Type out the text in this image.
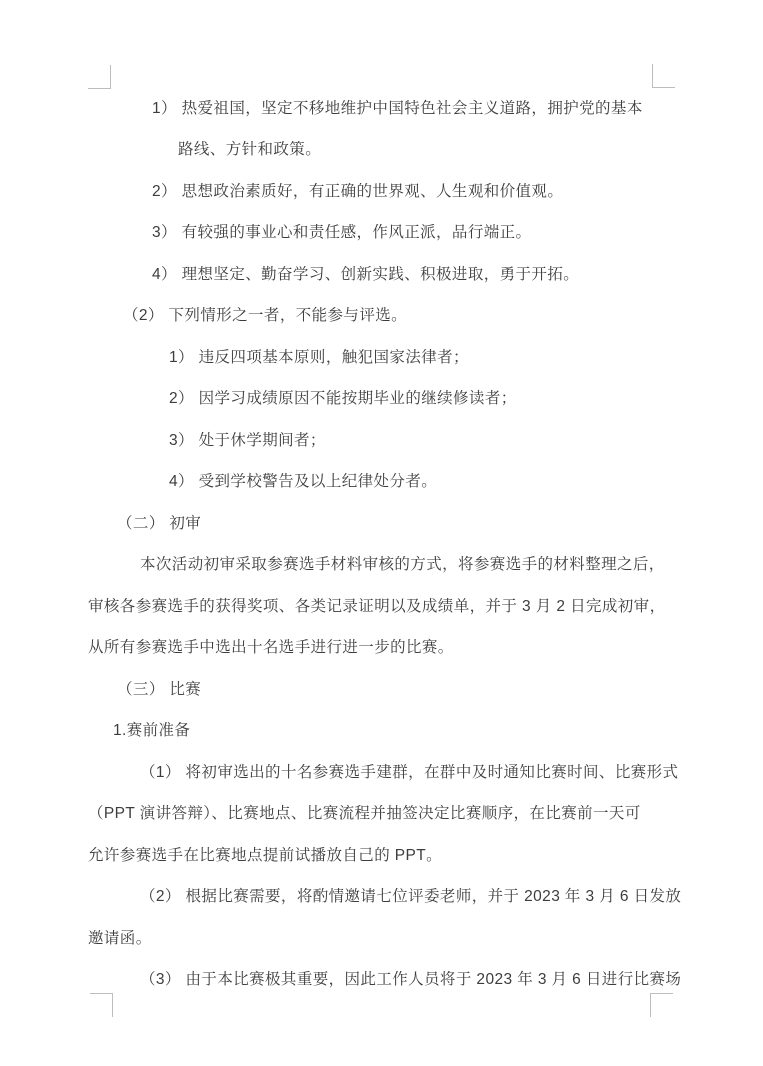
1） 热爱祖国，坚定不移地维护中国特色社会主义道路，拥护党的基本
路线、方针和政策。
2） 思想政治素质好，有正确的世界观、人生观和价值观。
3） 有较强的事业心和责任感，作风正派，品行端正。
4） 理想坚定、勤奋学习、创新实践、积极进取，勇于开拓。
（2） 下列情形之一者，不能参与评选。
1） 违反四项基本原则，触犯国家法律者；
2） 因学习成绩原因不能按期毕业的继续修读者；
3） 处于休学期间者；
4） 受到学校警告及以上纪律处分者。
（二） 初审
本次活动初审采取参赛选手材料审核的方式，将参赛选手的材料整理之后，
审核各参赛选手的获得奖项、各类记录证明以及成绩单，并于 3 月 2 日完成初审，
从所有参赛选手中选出十名选手进行进一步的比赛。
（三） 比赛
1.赛前准备
（1） 将初审选出的十名参赛选手建群，在群中及时通知比赛时间、比赛形式
（PPT 演讲答辩）、比赛地点、比赛流程并抽签决定比赛顺序，在比赛前一天可
允许参赛选手在比赛地点提前试播放自己的 PPT。
（2） 根据比赛需要，将酌情邀请七位评委老师，并于 2023 年 3 月 6 日发放
邀请函。
（3） 由于本比赛极其重要，因此工作人员将于 2023 年 3 月 6 日进行比赛场
